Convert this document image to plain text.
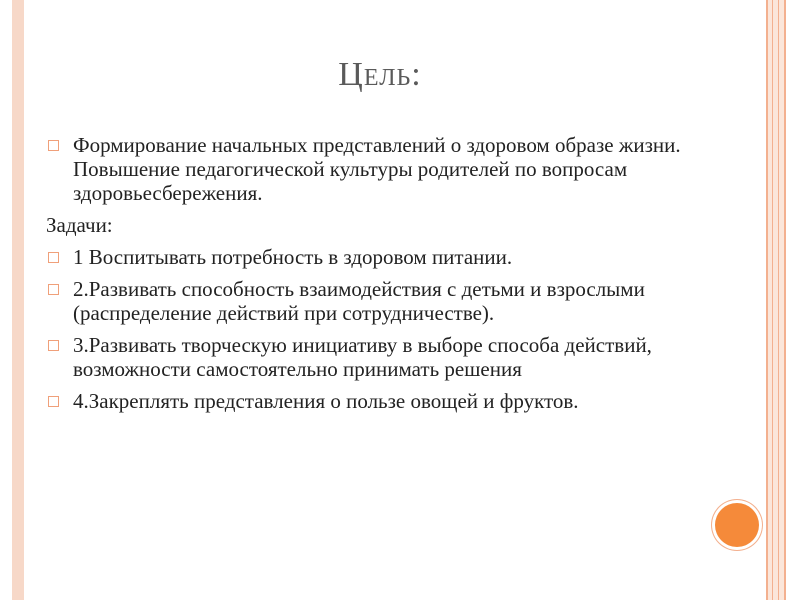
Цель:
Формирование начальных представлений о здоровом образе жизни. Повышение педагогической культуры родителей по вопросам здоровьесбережения.
Задачи:
1 Воспитывать потребность в здоровом питании.
2.Развивать способность взаимодействия с детьми и взрослыми (распределение действий при сотрудничестве).
3.Развивать творческую инициативу в выборе способа действий, возможности самостоятельно принимать решения
4.Закреплять представления о пользе овощей и фруктов.
